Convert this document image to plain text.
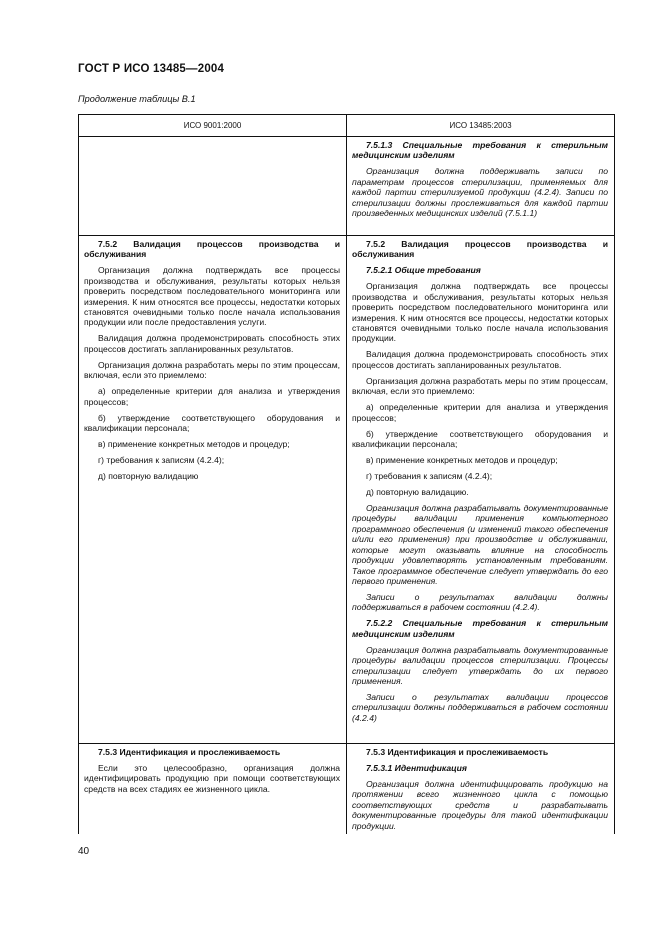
ГОСТ Р ИСО 13485—2004
Продолжение таблицы В.1
ИСО 9001:2000	ИСО 13485:2003

7.5.1.3 Специальные требования к стерильным медицинским изделиям

Организация должна поддерживать записи по параметрам процессов стерилизации, применяемых для каждой партии стерилизуемой продукции (4.2.4). Записи по стерилизации должны прослеживаться для каждой партии произведенных медицинских изделий (7.5.1.1)

7.5.2 Валидация процессов производства и обслуживания

Организация должна подтверждать все процессы производства и обслуживания, результаты которых нельзя проверить посредством последовательного мониторинга или измерения. К ним относятся все процессы, недостатки которых становятся очевидными только после начала использования продукции или после предоставления услуги.

Валидация должна продемонстрировать способность этих процессов достигать запланированных результатов.

Организация должна разработать меры по этим процессам, включая, если это приемлемо:

а) определенные критерии для анализа и утверждения процессов;

б) утверждение соответствующего оборудования и квалификации персонала;

в) применение конкретных методов и процедур;

г) требования к записям (4.2.4);

д) повторную валидацию

7.5.2 Валидация процессов производства и обслуживания

7.5.2.1 Общие требования

Организация должна подтверждать все процессы производства и обслуживания, результаты которых нельзя проверить посредством последовательного мониторинга или измерения. К ним относятся все процессы, недостатки которых становятся очевидными только после начала использования продукции.

Валидация должна продемонстрировать способность этих процессов достигать запланированных результатов.

Организация должна разработать меры по этим процессам, включая, если это приемлемо:

а) определенные критерии для анализа и утверждения процессов;

б) утверждение соответствующего оборудования и квалификации персонала;

в) применение конкретных методов и процедур;

г) требования к записям (4.2.4);

д) повторную валидацию.

Организация должна разрабатывать документированные процедуры валидации применения компьютерного программного обеспечения (и изменений такого обеспечения и/или его применения) при производстве и обслуживании, которые могут оказывать влияние на способность продукции удовлетворять установленным требованиям. Такое программное обеспечение следует утверждать до его первого применения.

Записи о результатах валидации должны поддерживаться в рабочем состоянии (4.2.4).

7.5.2.2 Специальные требования к стерильным медицинским изделиям

Организация должна разрабатывать документированные процедуры валидации процессов стерилизации. Процессы стерилизации следует утверждать до их первого применения.

Записи о результатах валидации процессов стерилизации должны поддерживаться в рабочем состоянии (4.2.4)

7.5.3 Идентификация и прослеживаемость

Если это целесообразно, организация должна идентифицировать продукцию при помощи соответствующих средств на всех стадиях ее жизненного цикла.

7.5.3 Идентификация и прослеживаемость

7.5.3.1 Идентификация

Организация должна идентифицировать продукцию на протяжении всего жизненного цикла с помощью соответствующих средств и разрабатывать документированные процедуры для такой идентификации продукции.

40
